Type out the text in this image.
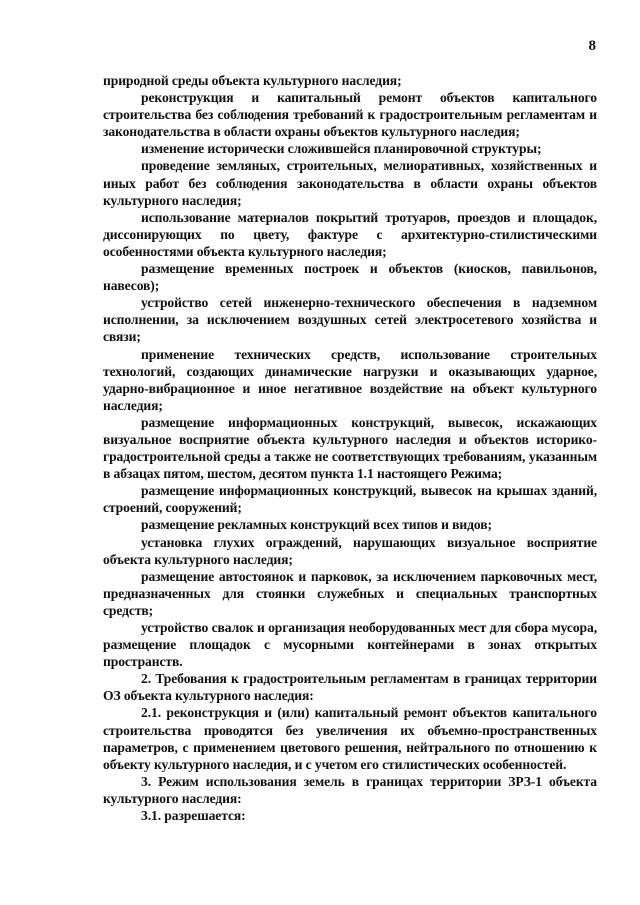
8

природной среды объекта культурного наследия;

реконструкция и капитальный ремонт объектов капитального строительства без соблюдения требований к градостроительным регламентам и законодательства в области охраны объектов культурного наследия;

изменение исторически сложившейся планировочной структуры;

проведение земляных, строительных, мелиоративных, хозяйственных и иных работ без соблюдения законодательства в области охраны объектов культурного наследия;

использование материалов покрытий тротуаров, проездов и площадок, диссонирующих по цвету, фактуре с архитектурно-стилистическими особенностями объекта культурного наследия;

размещение временных построек и объектов (киосков, павильонов, навесов);

устройство сетей инженерно-технического обеспечения в надземном исполнении, за исключением воздушных сетей электросетевого хозяйства и связи;

применение технических средств, использование строительных технологий, создающих динамические нагрузки и оказывающих ударное, ударно-вибрационное и иное негативное воздействие на объект культурного наследия;

размещение информационных конструкций, вывесок, искажающих визуальное восприятие объекта культурного наследия и объектов историко-градостроительной среды а также не соответствующих требованиям, указанным в абзацах пятом, шестом, десятом пункта 1.1 настоящего Режима;

размещение информационных конструкций, вывесок на крышах зданий, строений, сооружений;

размещение рекламных конструкций всех типов и видов;

установка глухих ограждений, нарушающих визуальное восприятие объекта культурного наследия;

размещение автостоянок и парковок, за исключением парковочных мест, предназначенных для стоянки служебных и специальных транспортных средств;

устройство свалок и организация необорудованных мест для сбора мусора, размещение площадок с мусорными контейнерами в зонах открытых пространств.

2. Требования к градостроительным регламентам в границах территории ОЗ объекта культурного наследия:

2.1. реконструкция и (или) капитальный ремонт объектов капитального строительства проводятся без увеличения их объемно-пространственных параметров, с применением цветового решения, нейтрального по отношению к объекту культурного наследия, и с учетом его стилистических особенностей.

3. Режим использования земель в границах территории ЗРЗ-1 объекта культурного наследия:

3.1. разрешается:
